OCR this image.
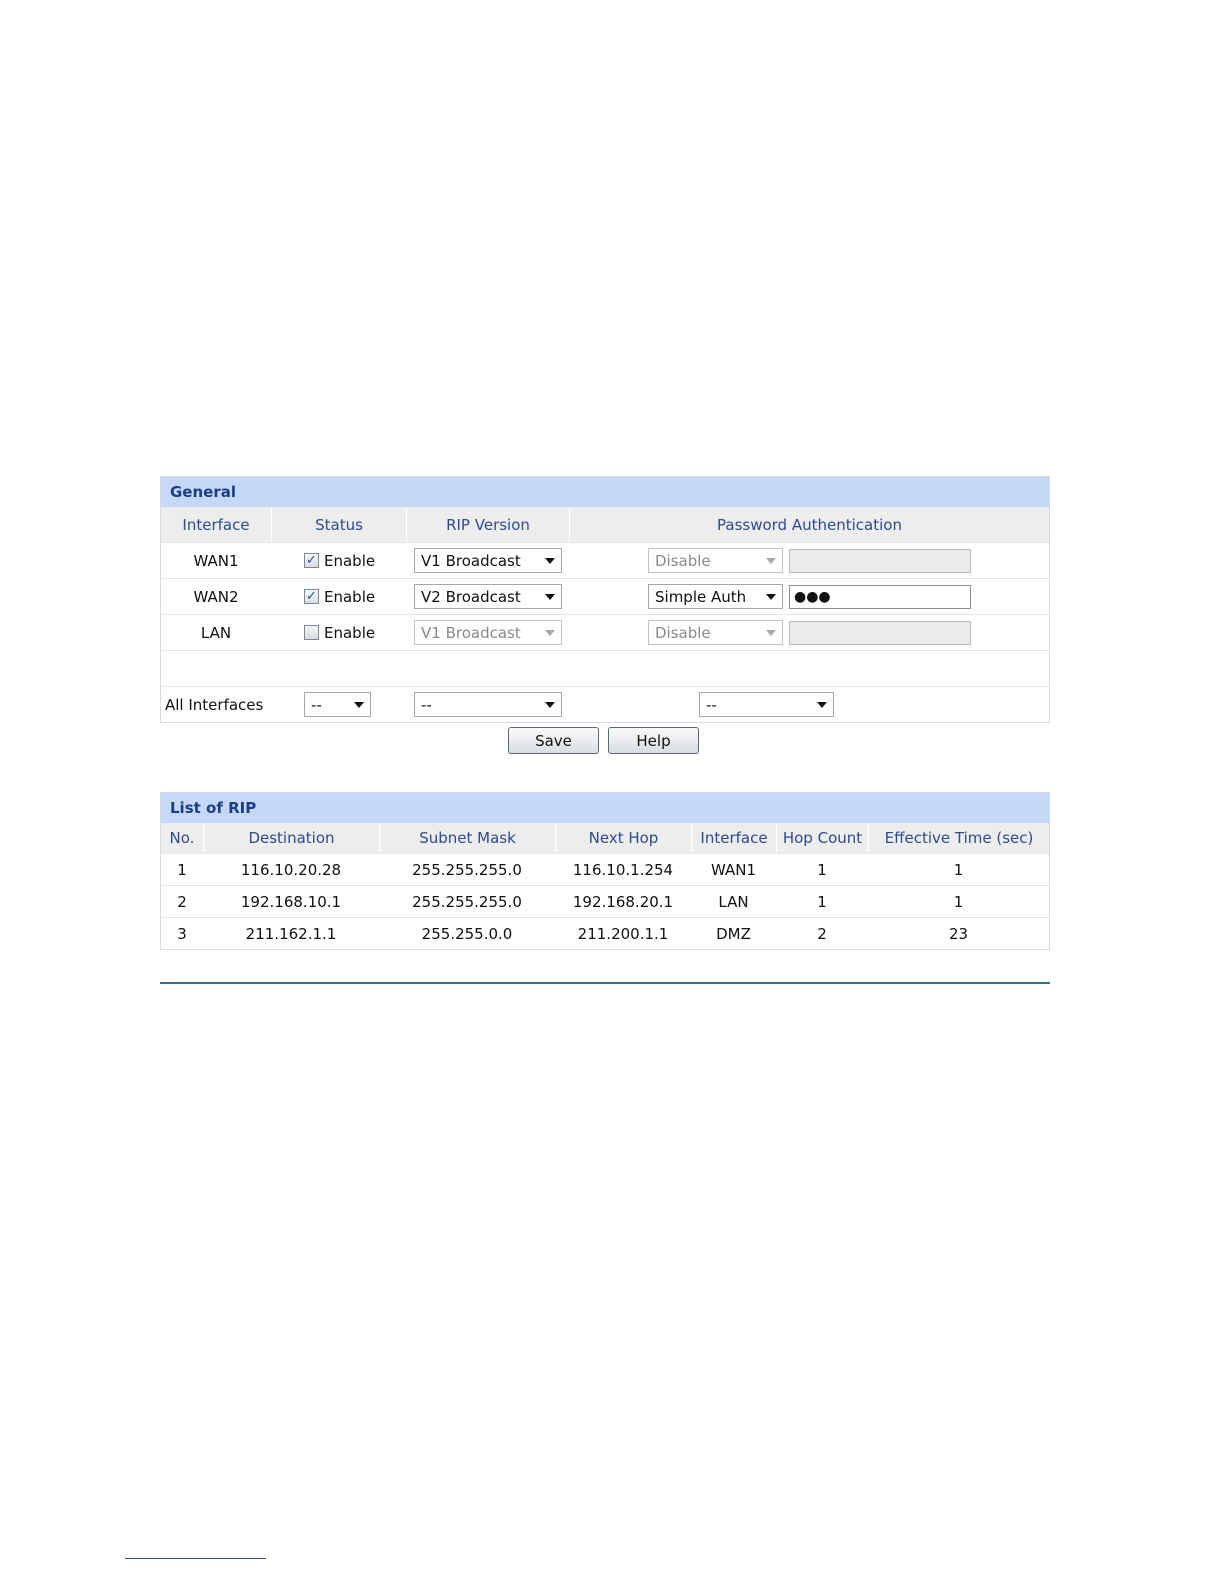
General
Interface	Status	RIP Version	Password Authentication
WAN1	✓ Enable	V1 Broadcast	Disable
WAN2	✓ Enable	V2 Broadcast	Simple Auth	●●●
LAN	Enable	V1 Broadcast	Disable
All Interfaces	--	--	--
Save	Help
List of RIP
No.	Destination	Subnet Mask	Next Hop	Interface	Hop Count	Effective Time (sec)
1	116.10.20.28	255.255.255.0	116.10.1.254	WAN1	1	1
2	192.168.10.1	255.255.255.0	192.168.20.1	LAN	1	1
3	211.162.1.1	255.255.0.0	211.200.1.1	DMZ	2	23
